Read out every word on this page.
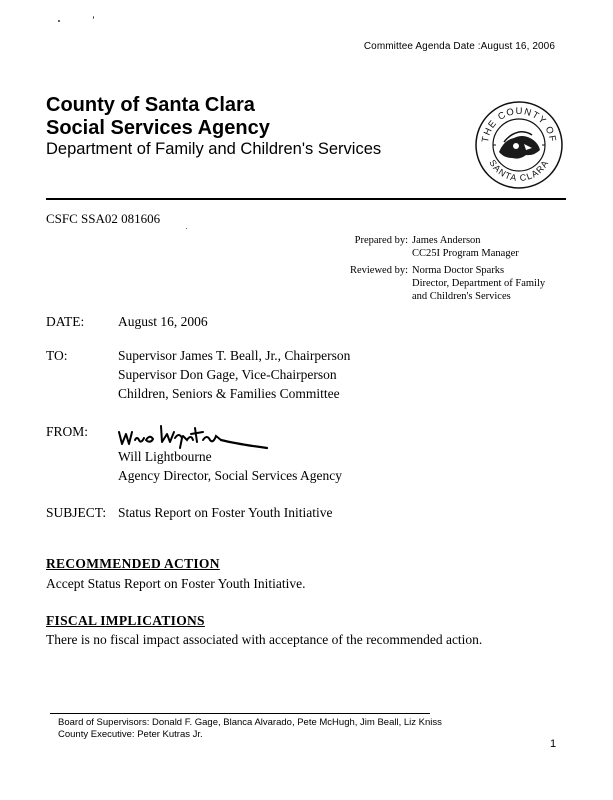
Committee Agenda Date :August 16, 2006
County of Santa Clara
Social Services Agency
Department of Family and Children's Services
THE COUNTY OF
SANTA CLARA
CSFC SSA02 081606
Prepared by: James Anderson
CC25I Program Manager
Reviewed by: Norma Doctor Sparks
Director, Department of Family
and Children's Services
DATE:	August 16, 2006
TO:	Supervisor James T. Beall, Jr., Chairperson
Supervisor Don Gage, Vice-Chairperson
Children, Seniors & Families Committee
FROM:
Will Lightbourne
Agency Director, Social Services Agency
SUBJECT: Status Report on Foster Youth Initiative
RECOMMENDED ACTION
Accept Status Report on Foster Youth Initiative.
FISCAL IMPLICATIONS
There is no fiscal impact associated with acceptance of the recommended action.
Board of Supervisors: Donald F. Gage, Blanca Alvarado, Pete McHugh, Jim Beall, Liz Kniss
County Executive: Peter Kutras Jr.
1
